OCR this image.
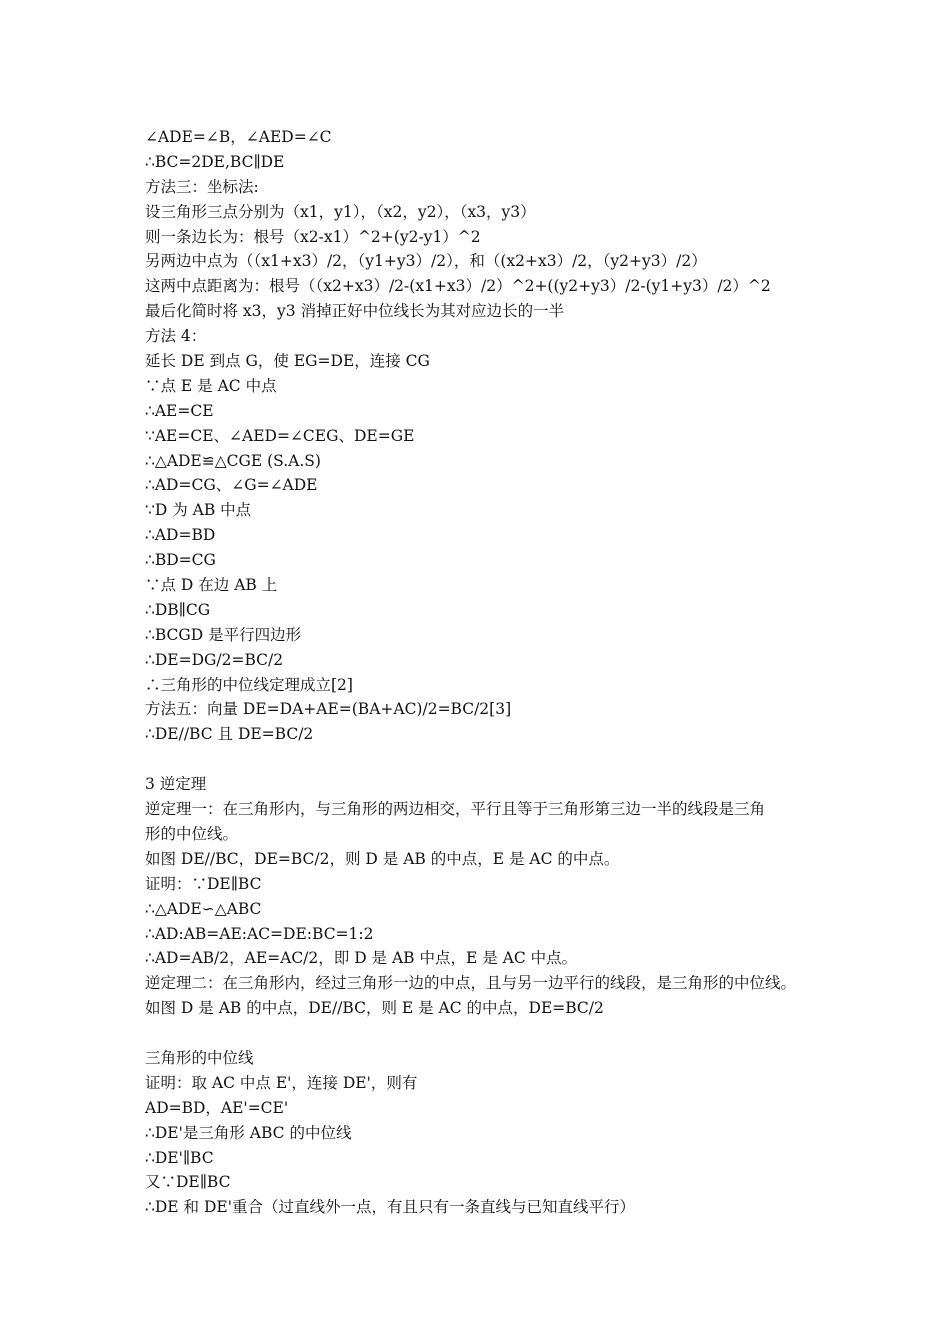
∠ADE=∠B，∠AED=∠C
∴BC=2DE,BC∥DE
方法三：坐标法:
设三角形三点分别为（x1，y1），（x2，y2），（x3，y3）
则一条边长为：根号（x2-x1）^2+(y2-y1）^2
另两边中点为（（x1+x3）/2，（y1+y3）/2），和（(x2+x3）/2，（y2+y3）/2）
这两中点距离为：根号（（x2+x3）/2-(x1+x3）/2）^2+((y2+y3）/2-(y1+y3）/2）^2
最后化简时将 x3，y3 消掉正好中位线长为其对应边长的一半
方法 4：
延长 DE 到点 G，使 EG=DE，连接 CG
∵点 E 是 AC 中点
∴AE=CE
∵AE=CE、∠AED=∠CEG、DE=GE
∴△ADE≌△CGE (S.A.S)
∴AD=CG、∠G=∠ADE
∵D 为 AB 中点
∴AD=BD
∴BD=CG
∵点 D 在边 AB 上
∴DB∥CG
∴BCGD 是平行四边形
∴DE=DG/2=BC/2
∴三角形的中位线定理成立[2]
方法五：向量 DE=DA+AE=(BA+AC)/2=BC/2[3]
∴DE//BC 且 DE=BC/2
3 逆定理
逆定理一：在三角形内，与三角形的两边相交，平行且等于三角形第三边一半的线段是三角
形的中位线。
如图 DE//BC，DE=BC/2，则 D 是 AB 的中点，E 是 AC 的中点。
证明：∵DE∥BC
∴△ADE∽△ABC
∴AD:AB=AE:AC=DE:BC=1:2
∴AD=AB/2，AE=AC/2，即 D 是 AB 中点，E 是 AC 中点。
逆定理二：在三角形内，经过三角形一边的中点，且与另一边平行的线段，是三角形的中位线。
如图 D 是 AB 的中点，DE//BC，则 E 是 AC 的中点，DE=BC/2
三角形的中位线
证明：取 AC 中点 E'，连接 DE'，则有
AD=BD，AE'=CE'
∴DE'是三角形 ABC 的中位线
∴DE'∥BC
又∵DE∥BC
∴DE 和 DE'重合（过直线外一点，有且只有一条直线与已知直线平行）
